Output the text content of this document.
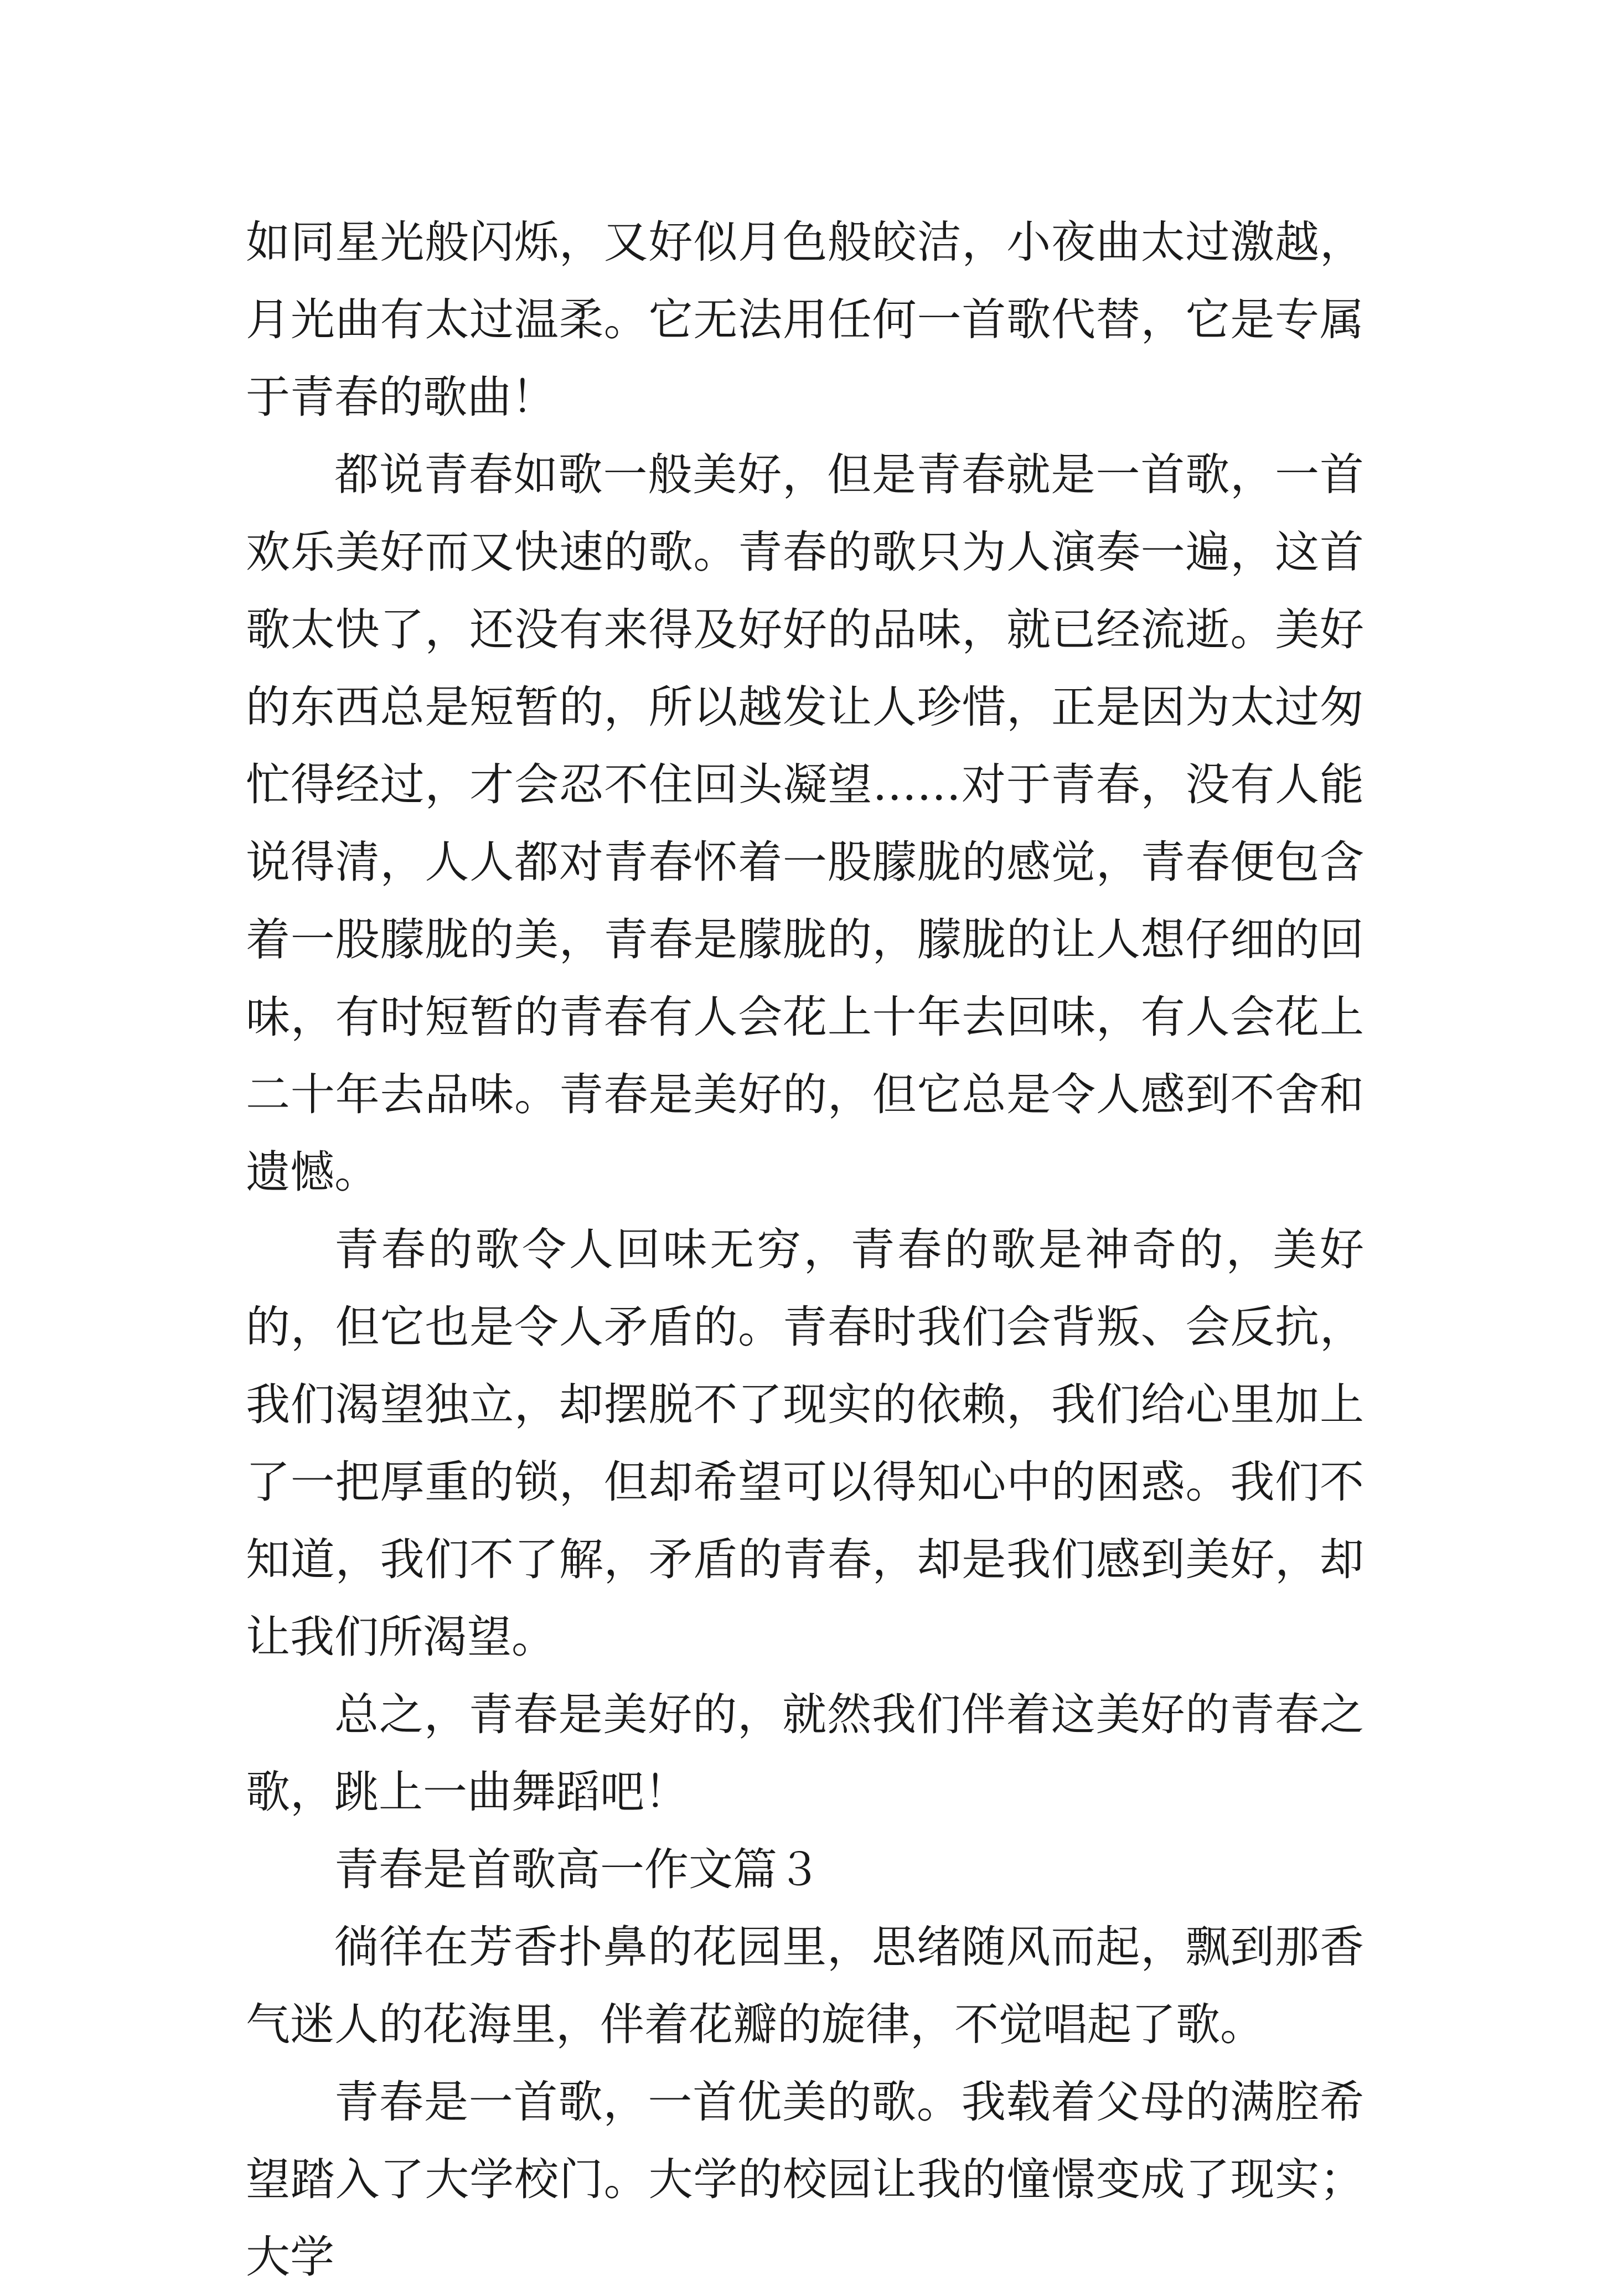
如同星光般闪烁，又好似月色般皎洁，小夜曲太过激越，月光曲有太过温柔。它无法用任何一首歌代替，它是专属于青春的歌曲！

都说青春如歌一般美好，但是青春就是一首歌，一首欢乐美好而又快速的歌。青春的歌只为人演奏一遍，这首歌太快了，还没有来得及好好的品味，就已经流逝。美好的东西总是短暂的，所以越发让人珍惜，正是因为太过匆忙得经过，才会忍不住回头凝望……对于青春，没有人能说得清，人人都对青春怀着一股朦胧的感觉，青春便包含着一股朦胧的美，青春是朦胧的，朦胧的让人想仔细的回味，有时短暂的青春有人会花上十年去回味，有人会花上二十年去品味。青春是美好的，但它总是令人感到不舍和遗憾。

青春的歌令人回味无穷，青春的歌是神奇的，美好的，但它也是令人矛盾的。青春时我们会背叛、会反抗，我们渴望独立，却摆脱不了现实的依赖，我们给心里加上了一把厚重的锁，但却希望可以得知心中的困惑。我们不知道，我们不了解，矛盾的青春，却是我们感到美好，却让我们所渴望。

总之，青春是美好的，就然我们伴着这美好的青春之歌，跳上一曲舞蹈吧！

青春是首歌高一作文篇３

徜徉在芳香扑鼻的花园里，思绪随风而起，飘到那香气迷人的花海里，伴着花瓣的旋律，不觉唱起了歌。

青春是一首歌，一首优美的歌。我载着父母的满腔希望踏入了大学校门。大学的校园让我的憧憬变成了现实；大学
